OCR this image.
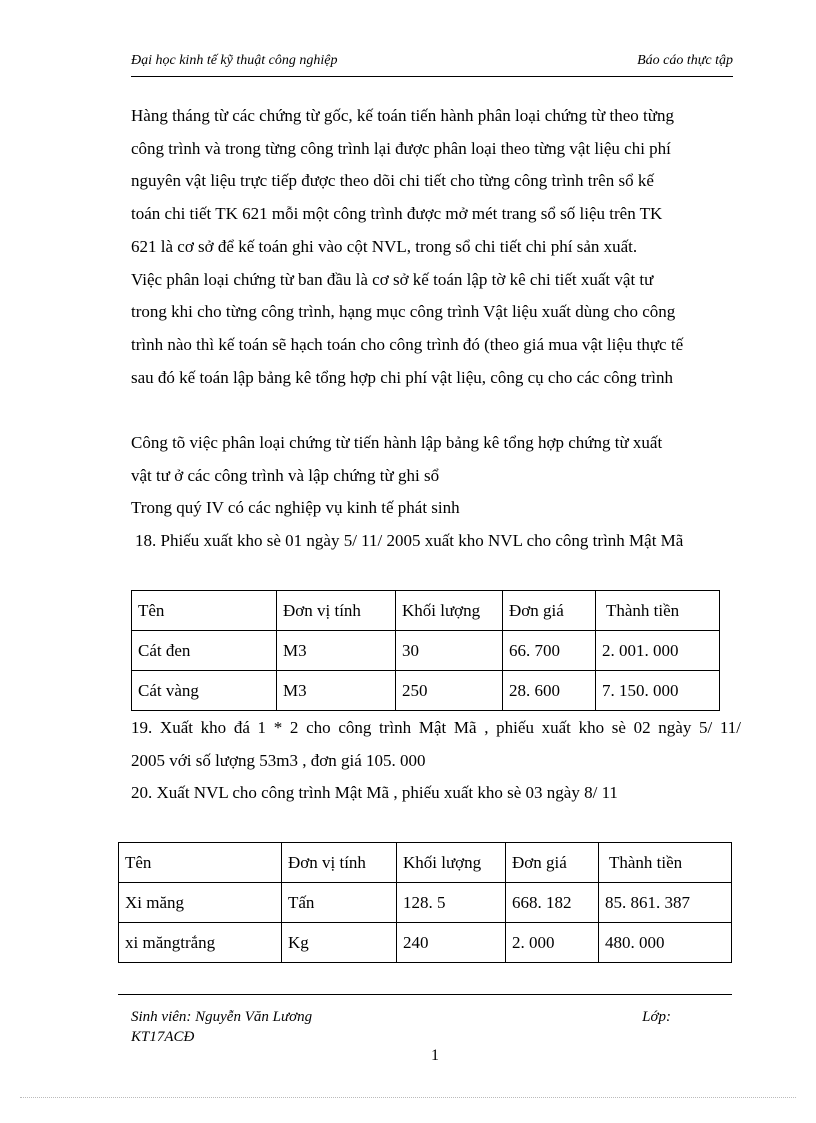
Đại học kinh tế kỹ thuật công nghiệp	Báo cáo thực tập

Hàng tháng từ các chứng từ gốc, kế toán tiến hành phân loại chứng từ theo từng

công trình và trong từng công trình lại được phân loại theo từng vật liệu chi phí

nguyên vật liệu trực tiếp được theo dõi chi tiết cho từng công trình trên sổ kế

toán chi tiết TK 621 mỗi một công trình được mở mét trang sổ số liệu trên TK

621 là cơ sở để kế toán ghi vào cột NVL, trong sổ chi tiết chi phí sản xuất.

Việc phân loại chứng từ ban đầu là cơ sở kế toán lập tờ kê chi tiết xuất vật tư

trong khi cho từng công trình, hạng mục công trình Vật liệu xuất dùng cho công

trình nào thì kế toán sẽ hạch toán cho công trình đó (theo giá mua vật liệu thực tế

sau đó kế toán lập bảng kê tổng hợp chi phí vật liệu, công cụ cho các công trình

Công tõ việc phân loại chứng từ tiến hành lập bảng kê tổng hợp chứng từ xuất

vật tư ở các công trình và lập chứng từ ghi sổ

Trong quý IV có các nghiệp vụ kinh tế phát sinh

18. Phiếu xuất kho sè 01 ngày 5/ 11/ 2005 xuất kho NVL cho công trình Mật Mã

Tên	Đơn vị tính	Khối lượng	Đơn giá	Thành tiền
Cát đen	M3	30	66. 700	2. 001. 000
Cát vàng	M3	250	28. 600	7. 150. 000

19. Xuất kho đá 1 * 2 cho công trình Mật Mã , phiếu xuất kho sè 02 ngày 5/ 11/

2005 với số lượng 53m3 , đơn giá 105. 000

20. Xuất NVL cho công trình Mật Mã , phiếu xuất kho sè 03 ngày 8/ 11

Tên	Đơn vị tính	Khối lượng	Đơn giá	Thành tiền
Xi măng	Tấn	128. 5	668. 182	85. 861. 387
xi măngtrắng	Kg	240	2. 000	480. 000
Sinh viên: Nguyễn Văn Lương	Lớp:
KT17ACĐ
1
